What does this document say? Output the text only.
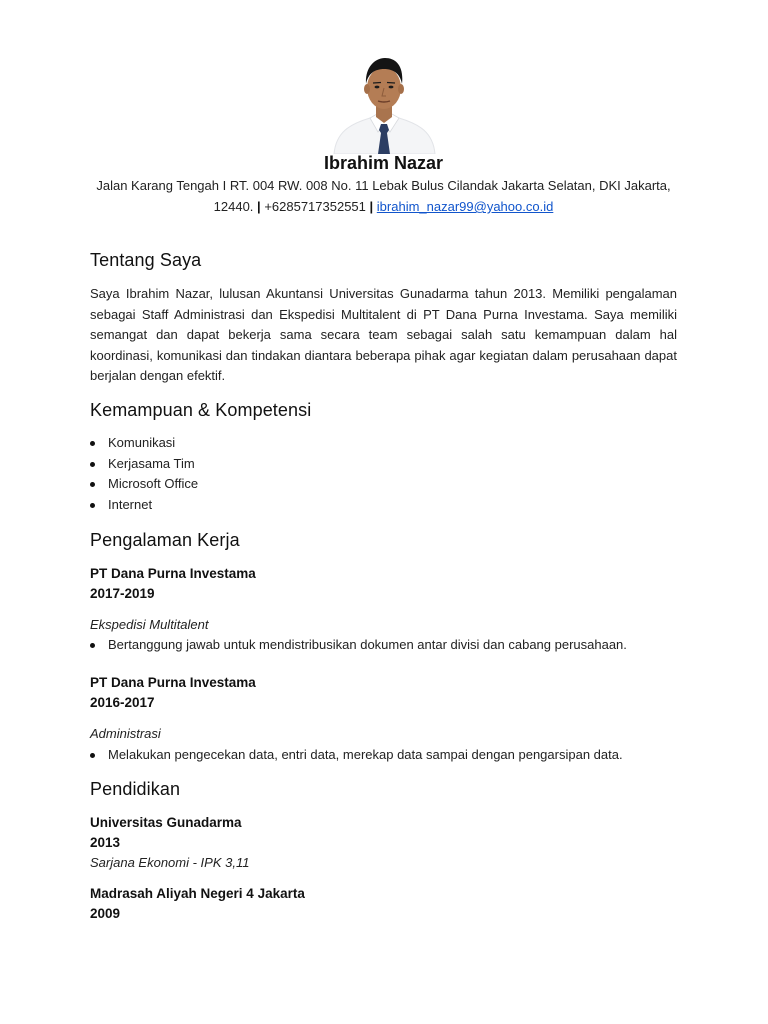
Ibrahim Nazar
Jalan Karang Tengah I RT. 004 RW. 008 No. 11 Lebak Bulus Cilandak Jakarta Selatan, DKI Jakarta, 12440. | +6285717352551 | ibrahim_nazar99@yahoo.co.id
Tentang Saya

Saya Ibrahim Nazar, lulusan Akuntansi Universitas Gunadarma tahun 2013. Memiliki pengalaman sebagai Staff Administrasi dan Ekspedisi Multitalent di PT Dana Purna Investama. Saya memiliki semangat dan dapat bekerja sama secara team sebagai salah satu kemampuan dalam hal koordinasi, komunikasi dan tindakan diantara beberapa pihak agar kegiatan dalam perusahaan dapat berjalan dengan efektif.

Kemampuan & Kompetensi
Komunikasi
Kerjasama Tim
Microsoft Office
Internet
Pengalaman Kerja
PT Dana Purna Investama
2017-2019
Ekspedisi Multitalent
Bertanggung jawab untuk mendistribusikan dokumen antar divisi dan cabang perusahaan.
PT Dana Purna Investama
2016-2017
Administrasi
Melakukan pengecekan data, entri data, merekap data sampai dengan pengarsipan data.
Pendidikan
Universitas Gunadarma
2013
Sarjana Ekonomi - IPK 3,11
Madrasah Aliyah Negeri 4 Jakarta
2009
